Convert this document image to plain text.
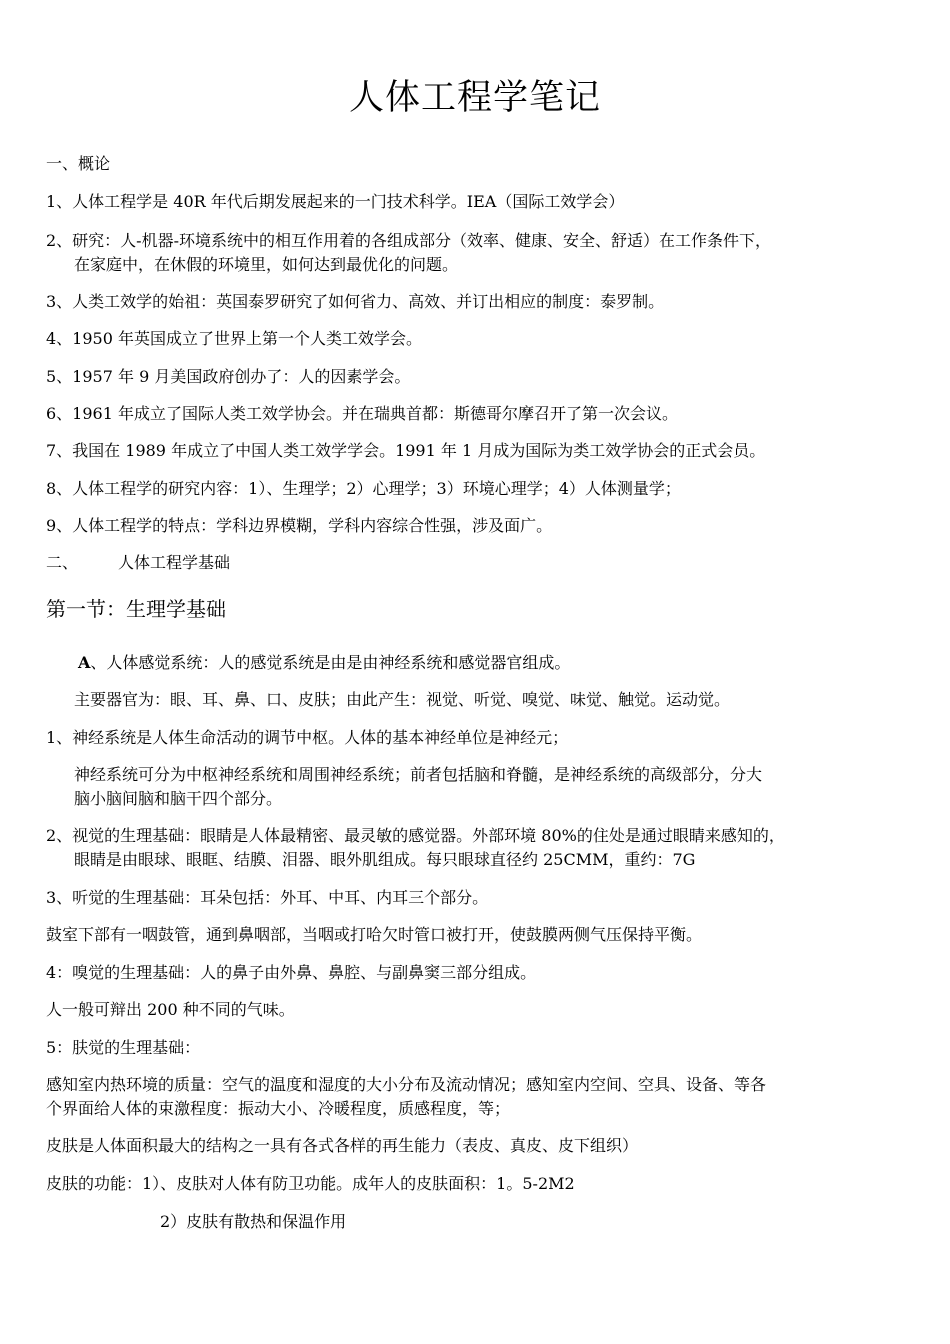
人体工程学笔记
一、概论
1、人体工程学是 40R 年代后期发展起来的一门技术科学。IEA（国际工效学会）
2、研究：人-机器-环境系统中的相互作用着的各组成部分（效率、健康、安全、舒适）在工作条件下，
在家庭中，在休假的环境里，如何达到最优化的问题。
3、人类工效学的始祖：英国泰罗研究了如何省力、高效、并订出相应的制度：泰罗制。
4、1950 年英国成立了世界上第一个人类工效学会。
5、1957 年 9 月美国政府创办了：人的因素学会。
6、1961 年成立了国际人类工效学协会。并在瑞典首都：斯德哥尔摩召开了第一次会议。
7、我国在 1989 年成立了中国人类工效学学会。1991 年 1 月成为国际为类工效学协会的正式会员。
8、人体工程学的研究内容：1）、生理学；2）心理学；3）环境心理学；4）人体测量学；
9、人体工程学的特点：学科边界模糊，学科内容综合性强，涉及面广。
二、	人体工程学基础
第一节：生理学基础
A、人体感觉系统：人的感觉系统是由是由神经系统和感觉器官组成。
主要器官为：眼、耳、鼻、口、皮肤；由此产生：视觉、听觉、嗅觉、味觉、触觉。运动觉。
1、神经系统是人体生命活动的调节中枢。人体的基本神经单位是神经元；
神经系统可分为中枢神经系统和周围神经系统；前者包括脑和脊髓，是神经系统的高级部分，分大
脑小脑间脑和脑干四个部分。
2、视觉的生理基础：眼睛是人体最精密、最灵敏的感觉器。外部环境 80%的住处是通过眼睛来感知的，
眼睛是由眼球、眼眶、结膜、泪器、眼外肌组成。每只眼球直径约 25CMM，重约：7G
3、听觉的生理基础：耳朵包括：外耳、中耳、内耳三个部分。
鼓室下部有一咽鼓管，通到鼻咽部，当咽或打哈欠时管口被打开，使鼓膜两侧气压保持平衡。
4：嗅觉的生理基础：人的鼻子由外鼻、鼻腔、与副鼻窦三部分组成。
人一般可辩出 200 种不同的气味。
5：肤觉的生理基础：
感知室内热环境的质量：空气的温度和湿度的大小分布及流动情况；感知室内空间、空具、设备、等各
个界面给人体的束激程度：振动大小、冷暖程度，质感程度，等；
皮肤是人体面积最大的结构之一具有各式各样的再生能力（表皮、真皮、皮下组织）
皮肤的功能：1）、皮肤对人体有防卫功能。成年人的皮肤面积：1。5-2M2
2）皮肤有散热和保温作用
